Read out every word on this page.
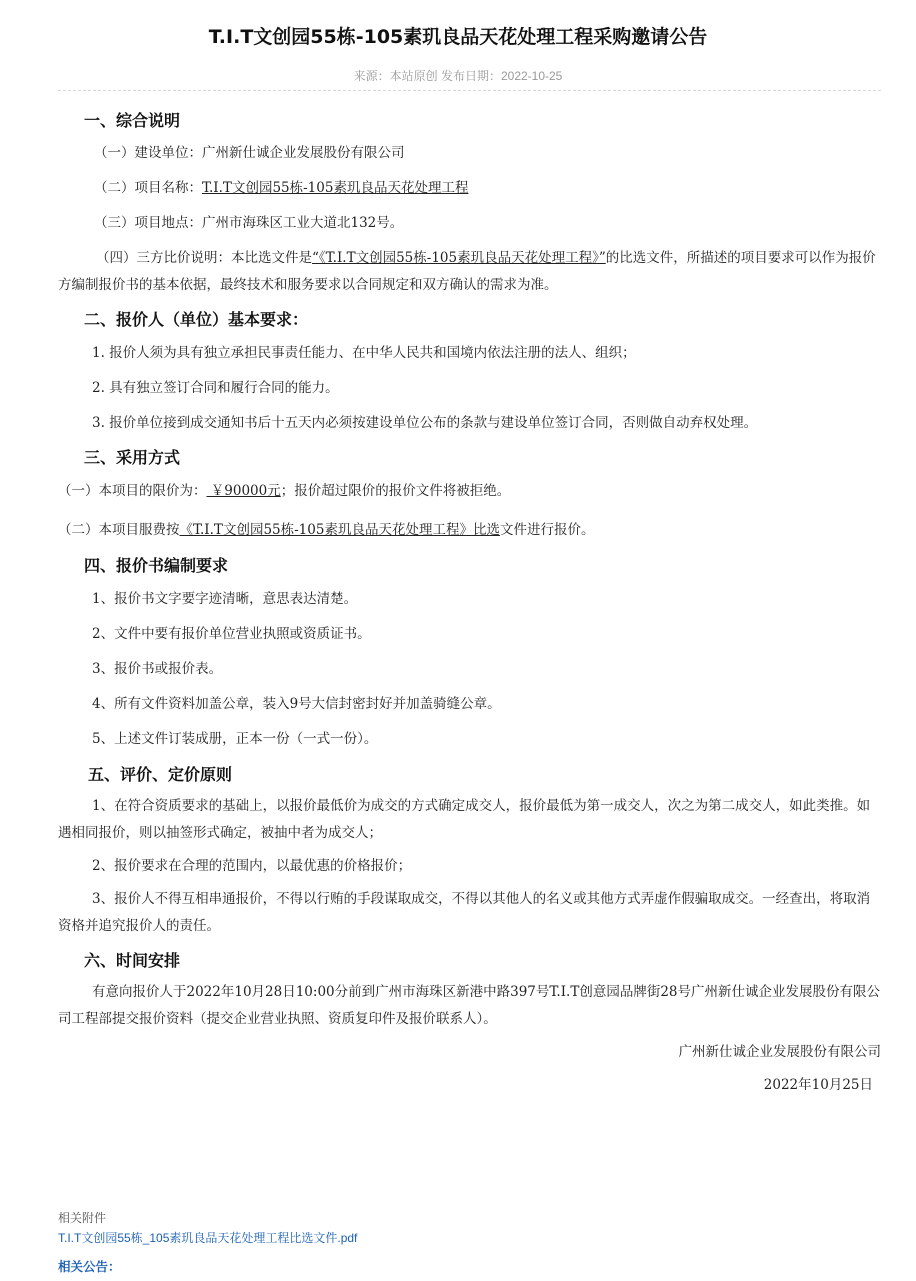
T.I.T文创园55栋-105素玑良品天花处理工程采购邀请公告
来源：本站原创 发布日期：2022-10-25
一、综合说明

（一）建设单位：广州新仕诚企业发展股份有限公司

（二）项目名称：T.I.T文创园55栋-105素玑良品天花处理工程

（三）项目地点：广州市海珠区工业大道北132号。

（四）三方比价说明：本比选文件是“《T.I.T文创园55栋-105素玑良品天花处理工程》”的比选文件，所描述的项目要求可以作为报价方编制报价书的基本依据，最终技术和服务要求以合同规定和双方确认的需求为准。

二、报价人（单位）基本要求：

1. 报价人须为具有独立承担民事责任能力、在中华人民共和国境内依法注册的法人、组织；

2. 具有独立签订合同和履行合同的能力。

3. 报价单位接到成交通知书后十五天内必须按建设单位公布的条款与建设单位签订合同，否则做自动弃权处理。

三、采用方式

（一）本项目的限价为： ￥90000元；报价超过限价的报价文件将被拒绝。

（二）本项目服费按《T.I.T文创园55栋-105素玑良品天花处理工程》比选文件进行报价。

四、报价书编制要求

1、报价书文字要字迹清晰，意思表达清楚。

2、文件中要有报价单位营业执照或资质证书。

3、报价书或报价表。

4、所有文件资料加盖公章，装入9号大信封密封好并加盖骑缝公章。

5、上述文件订装成册，正本一份（一式一份）。

五、评价、定价原则

1、在符合资质要求的基础上，以报价最低价为成交的方式确定成交人，报价最低为第一成交人，次之为第二成交人，如此类推。如遇相同报价，则以抽签形式确定，被抽中者为成交人；

2、报价要求在合理的范围内，以最优惠的价格报价；

3、报价人不得互相串通报价，不得以行贿的手段谋取成交，不得以其他人的名义或其他方式弄虚作假骗取成交。一经查出，将取消资格并追究报价人的责任。

六、时间安排

有意向报价人于2022年10月28日10:00分前到广州市海珠区新港中路397号T.I.T创意园品牌街28号广州新仕诚企业发展股份有限公司工程部提交报价资料（提交企业营业执照、资质复印件及报价联系人）。

广州新仕诚企业发展股份有限公司

2022年10月25日

相关附件
T.I.T文创园55栋_105素玑良品天花处理工程比选文件.pdf
相关公告：
